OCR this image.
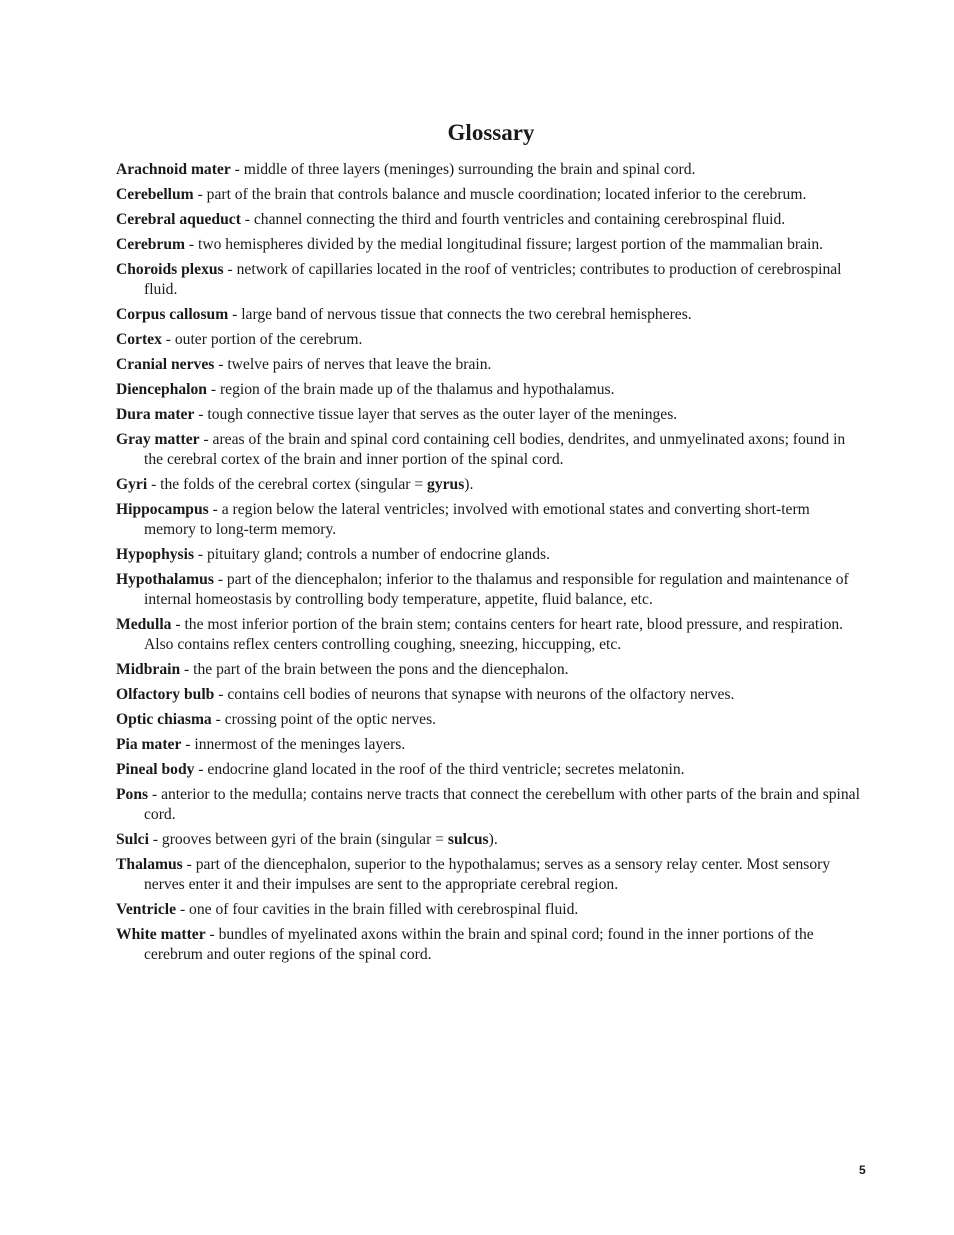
Glossary
Arachnoid mater - middle of three layers (meninges) surrounding the brain and spinal cord.
Cerebellum - part of the brain that controls balance and muscle coordination; located inferior to the cerebrum.
Cerebral aqueduct - channel connecting the third and fourth ventricles and containing cerebrospinal fluid.
Cerebrum - two hemispheres divided by the medial longitudinal fissure; largest portion of the mammalian brain.
Choroids plexus - network of capillaries located in the roof of ventricles; contributes to production of cerebrospinal fluid.
Corpus callosum - large band of nervous tissue that connects the two cerebral hemispheres.
Cortex - outer portion of the cerebrum.
Cranial nerves - twelve pairs of nerves that leave the brain.
Diencephalon - region of the brain made up of the thalamus and hypothalamus.
Dura mater - tough connective tissue layer that serves as the outer layer of the meninges.
Gray matter - areas of the brain and spinal cord containing cell bodies, dendrites, and unmyelinated axons; found in the cerebral cortex of the brain and inner portion of the spinal cord.
Gyri - the folds of the cerebral cortex (singular = gyrus).
Hippocampus - a region below the lateral ventricles; involved with emotional states and converting short-term memory to long-term memory.
Hypophysis - pituitary gland; controls a number of endocrine glands.
Hypothalamus - part of the diencephalon; inferior to the thalamus and responsible for regulation and maintenance of internal homeostasis by controlling body temperature, appetite, fluid balance, etc.
Medulla - the most inferior portion of the brain stem; contains centers for heart rate, blood pressure, and respiration. Also contains reflex centers controlling coughing, sneezing, hiccupping, etc.
Midbrain - the part of the brain between the pons and the diencephalon.
Olfactory bulb - contains cell bodies of neurons that synapse with neurons of the olfactory nerves.
Optic chiasma - crossing point of the optic nerves.
Pia mater - innermost of the meninges layers.
Pineal body - endocrine gland located in the roof of the third ventricle; secretes melatonin.
Pons - anterior to the medulla; contains nerve tracts that connect the cerebellum with other parts of the brain and spinal cord.
Sulci - grooves between gyri of the brain (singular = sulcus).
Thalamus - part of the diencephalon, superior to the hypothalamus; serves as a sensory relay center. Most sensory nerves enter it and their impulses are sent to the appropriate cerebral region.
Ventricle - one of four cavities in the brain filled with cerebrospinal fluid.
White matter - bundles of myelinated axons within the brain and spinal cord; found in the inner portions of the cerebrum and outer regions of the spinal cord.
5
